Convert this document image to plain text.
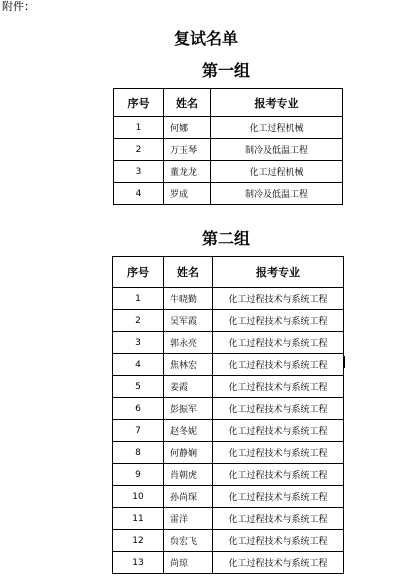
附件：
复试名单
第一组
序号	姓名	报考专业
1	何娜	化工过程机械
2	万玉琴	制冷及低温工程
3	董龙龙	化工过程机械
4	罗成	制冷及低温工程
第二组
序号	姓名	报考专业
1	牛晓勤	化工过程技术与系统工程
2	吴军霞	化工过程技术与系统工程
3	郭永亮	化工过程技术与系统工程
4	焦林宏	化工过程技术与系统工程
5	姜霞	化工过程技术与系统工程
6	彭振军	化工过程技术与系统工程
7	赵冬妮	化工过程技术与系统工程
8	何静娴	化工过程技术与系统工程
9	肖朝虎	化工过程技术与系统工程
10	孙尚琛	化工过程技术与系统工程
11	雷洋	化工过程技术与系统工程
12	贠宏飞	化工过程技术与系统工程
13	尚琼	化工过程技术与系统工程
